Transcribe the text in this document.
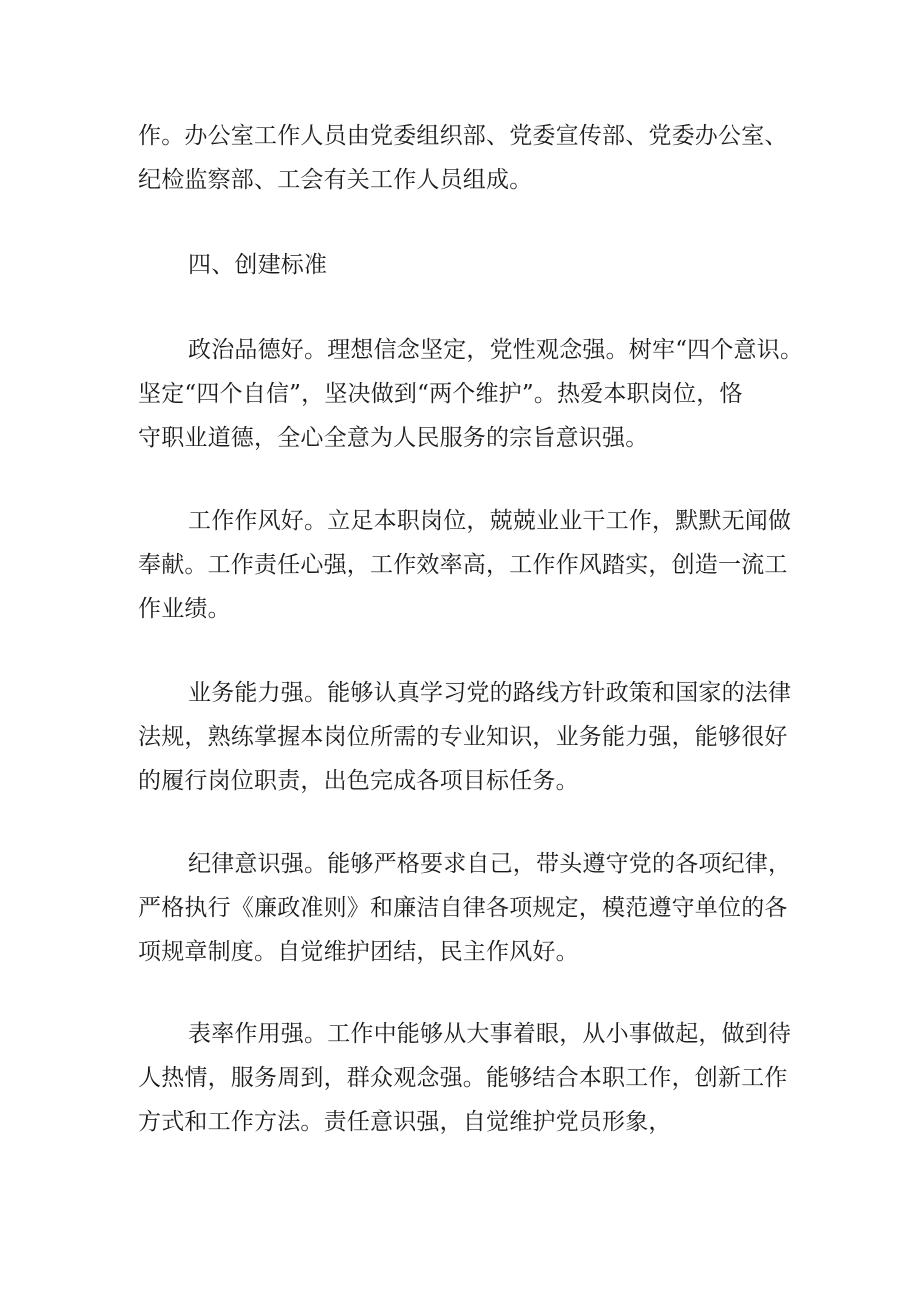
作。办公室工作人员由党委组织部、党委宣传部、党委办公室、
纪检监察部、工会有关工作人员组成。
四、创建标准
政治品德好。理想信念坚定，党性观念强。树牢“四个意识。
坚定“四个自信”，坚决做到“两个维护”。热爱本职岗位，恪
守职业道德，全心全意为人民服务的宗旨意识强。
工作作风好。立足本职岗位，兢兢业业干工作，默默无闻做
奉献。工作责任心强，工作效率高，工作作风踏实，创造一流工
作业绩。
业务能力强。能够认真学习党的路线方针政策和国家的法律
法规，熟练掌握本岗位所需的专业知识，业务能力强，能够很好
的履行岗位职责，出色完成各项目标任务。
纪律意识强。能够严格要求自己，带头遵守党的各项纪律，
严格执行《廉政准则》和廉洁自律各项规定，模范遵守单位的各
项规章制度。自觉维护团结，民主作风好。
表率作用强。工作中能够从大事着眼，从小事做起，做到待
人热情，服务周到，群众观念强。能够结合本职工作，创新工作
方式和工作方法。责任意识强，自觉维护党员形象，
